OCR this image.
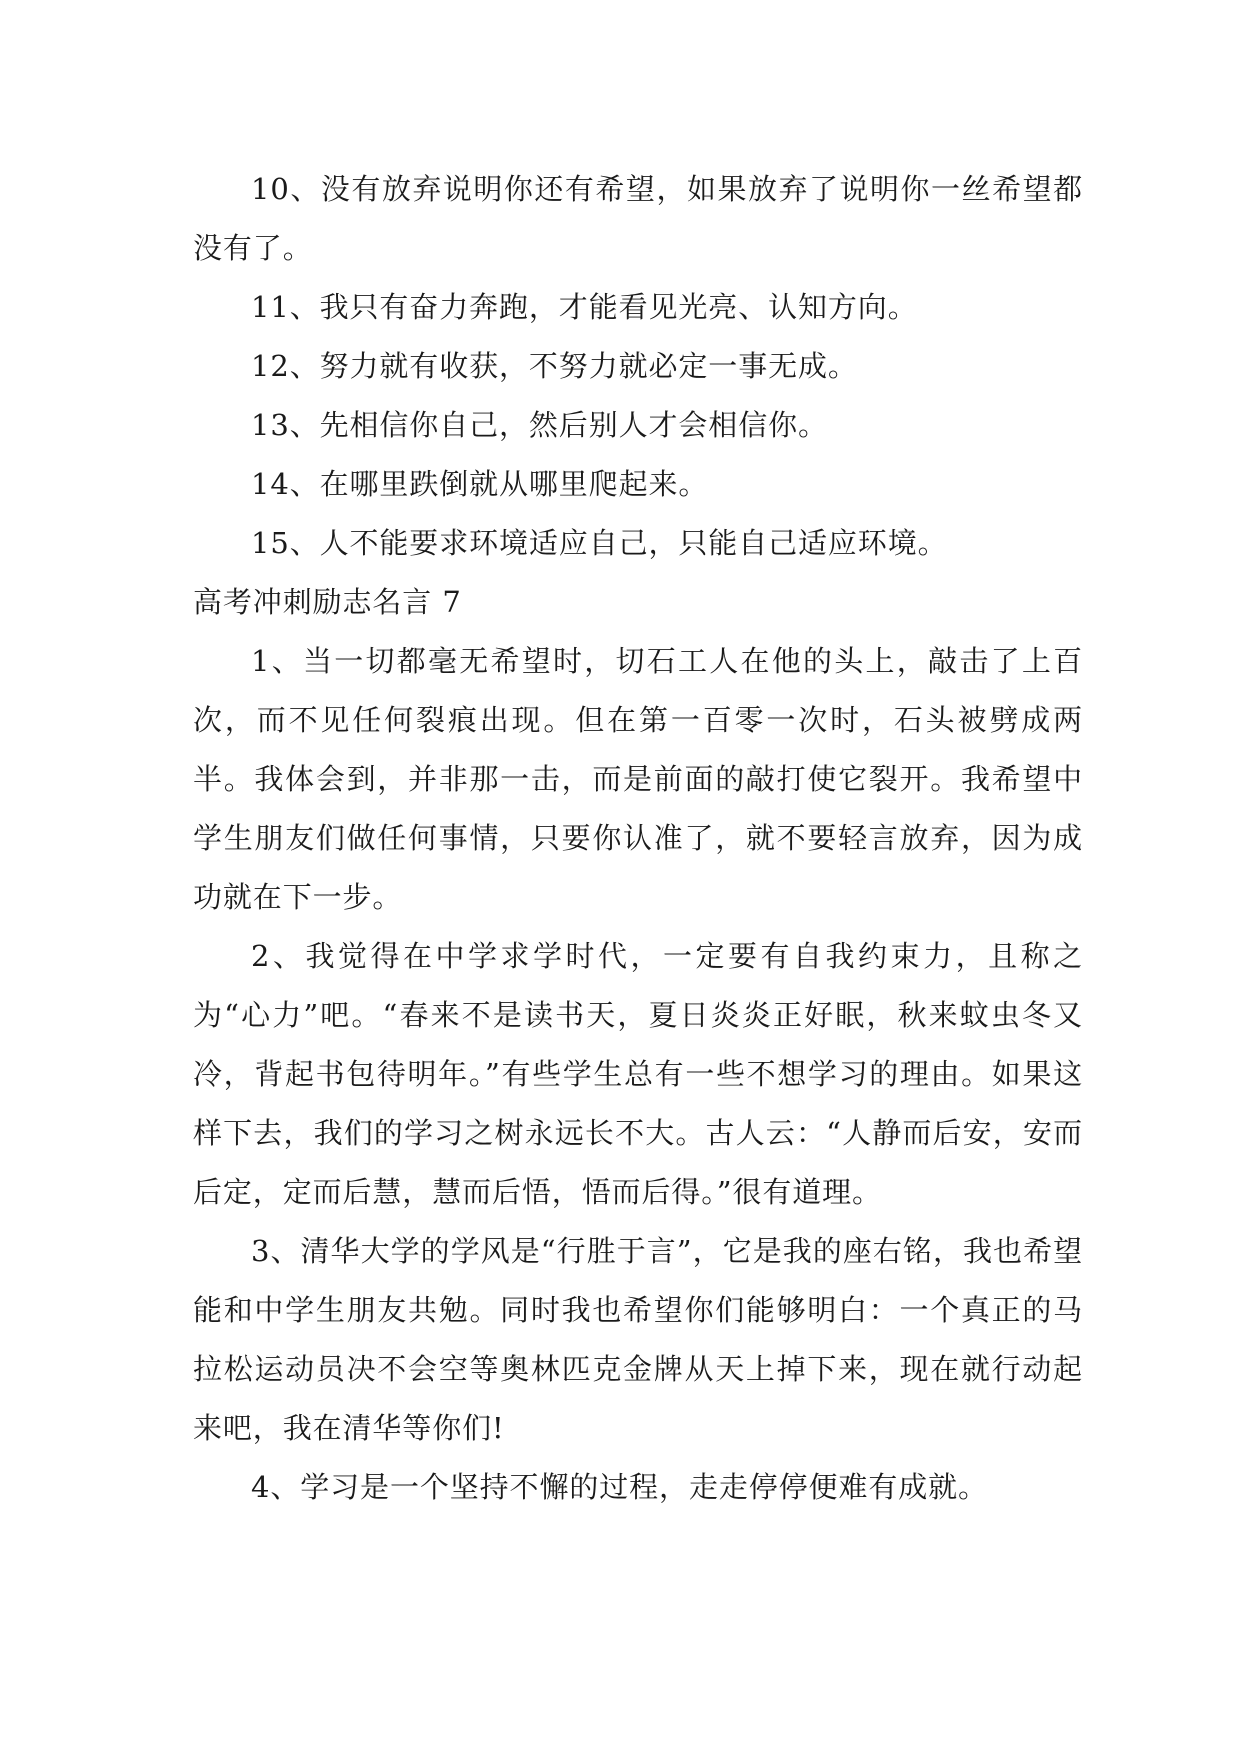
10、没有放弃说明你还有希望，如果放弃了说明你一丝希望都没有了。

11、我只有奋力奔跑，才能看见光亮、认知方向。

12、努力就有收获，不努力就必定一事无成。

13、先相信你自己，然后别人才会相信你。

14、在哪里跌倒就从哪里爬起来。

15、人不能要求环境适应自己，只能自己适应环境。

高考冲刺励志名言 7

1、当一切都毫无希望时，切石工人在他的头上，敲击了上百次，而不见任何裂痕出现。但在第一百零一次时，石头被劈成两半。我体会到，并非那一击，而是前面的敲打使它裂开。我希望中学生朋友们做任何事情，只要你认准了，就不要轻言放弃，因为成功就在下一步。

2、我觉得在中学求学时代，一定要有自我约束力，且称之为“心力”吧。“春来不是读书天，夏日炎炎正好眠，秋来蚊虫冬又冷，背起书包待明年。”有些学生总有一些不想学习的理由。如果这样下去，我们的学习之树永远长不大。古人云：“人静而后安，安而后定，定而后慧，慧而后悟，悟而后得。”很有道理。

3、清华大学的学风是“行胜于言”，它是我的座右铭，我也希望能和中学生朋友共勉。同时我也希望你们能够明白：一个真正的马拉松运动员决不会空等奥林匹克金牌从天上掉下来，现在就行动起来吧，我在清华等你们!

4、学习是一个坚持不懈的过程，走走停停便难有成就。
